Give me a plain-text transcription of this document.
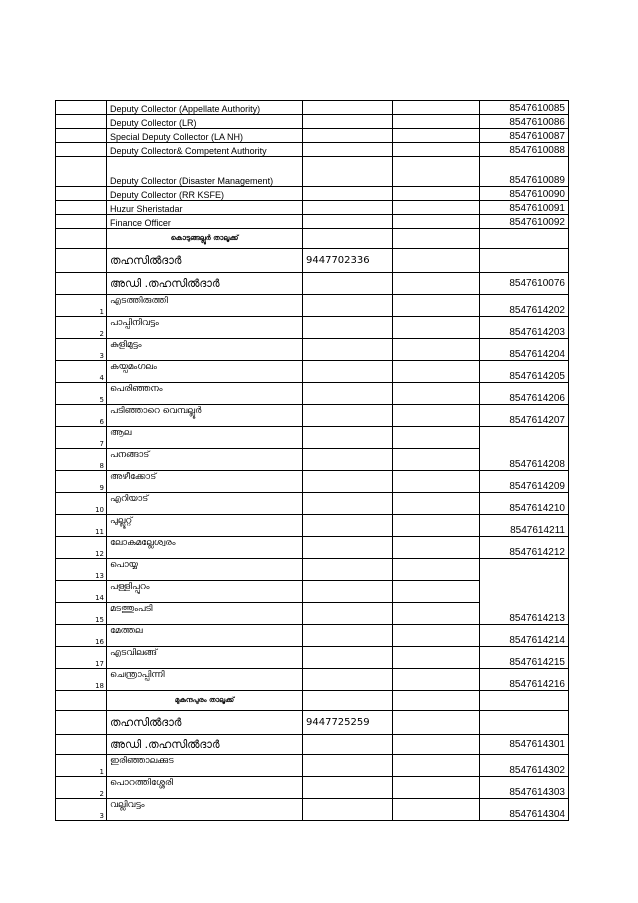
	Deputy Collector (Appellate Authority)			8547610085
	Deputy Collector (LR)			8547610086
	Special Deputy Collector (LA NH)			8547610087
	Deputy Collector& Competent Authority			8547610088
	Deputy Collector (Disaster Management)			8547610089
	Deputy Collector (RR KSFE)			8547610090
	Huzur Sheristadar			8547610091
	Finance Officer			8547610092
	കൊടുങ്ങല്ലൂർ താലൂക്ക്			
	തഹസിൽദാർ	9447702336		
	അഡി .തഹസിൽദാർ			8547610076
1	എടത്തിരുത്തി			8547614202
2	പാപ്പിനിവട്ടം			8547614203
3	കുളിമുട്ടം			8547614204
4	കയ്പമംഗലം			8547614205
5	പെരിഞ്ഞനം			8547614206
6	പടിഞ്ഞാറെ വെമ്പല്ലൂർ			8547614207
7	ആല			

8	പനങ്ങാട്			8547614208
9	അഴീക്കോട്			8547614209
10	എറിയാട്			8547614210
11	പുല്ലൂറ്റ്			8547614211
12	ലോകമല്ലേശ്വരം			8547614212
13	പൊയ്യ			

14	പള്ളിപ്പുറം			

15	മടത്തുംപടി			8547614213
16	മേത്തല			8547614214
17	എടവിലങ്ങ്			8547614215
18	ചെന്ത്രാപ്പിന്നി			8547614216
	മുകുന്ദപുരം താലൂക്ക്			
	തഹസിൽദാർ	9447725259		
	അഡി .തഹസിൽദാർ			8547614301
1	ഇരിഞ്ഞാലക്കുട			8547614302
2	പൊറത്തിശ്ശേരി			8547614303
3	വല്ലിവട്ടം			8547614304
